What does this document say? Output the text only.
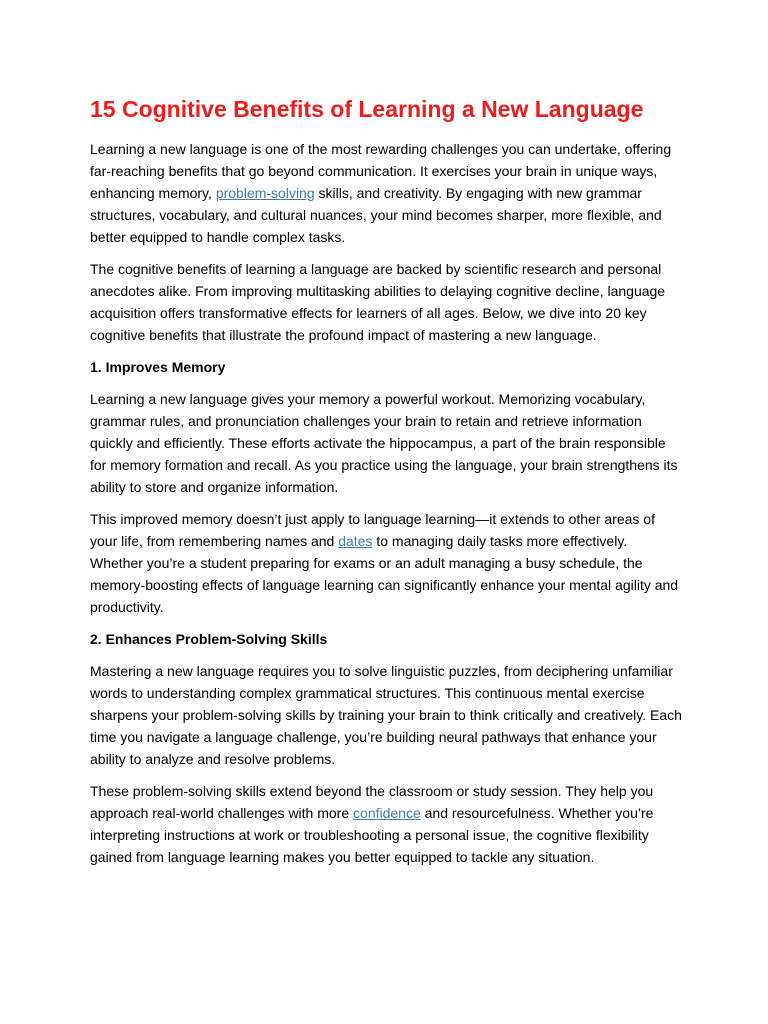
15 Cognitive Benefits of Learning a New Language

Learning a new language is one of the most rewarding challenges you can undertake, offering far-reaching benefits that go beyond communication. It exercises your brain in unique ways, enhancing memory, problem-solving skills, and creativity. By engaging with new grammar structures, vocabulary, and cultural nuances, your mind becomes sharper, more flexible, and better equipped to handle complex tasks.

The cognitive benefits of learning a language are backed by scientific research and personal anecdotes alike. From improving multitasking abilities to delaying cognitive decline, language acquisition offers transformative effects for learners of all ages. Below, we dive into 20 key cognitive benefits that illustrate the profound impact of mastering a new language.

1. Improves Memory

Learning a new language gives your memory a powerful workout. Memorizing vocabulary, grammar rules, and pronunciation challenges your brain to retain and retrieve information quickly and efficiently. These efforts activate the hippocampus, a part of the brain responsible for memory formation and recall. As you practice using the language, your brain strengthens its ability to store and organize information.

This improved memory doesn’t just apply to language learning—it extends to other areas of your life, from remembering names and dates to managing daily tasks more effectively. Whether you’re a student preparing for exams or an adult managing a busy schedule, the memory-boosting effects of language learning can significantly enhance your mental agility and productivity.

2. Enhances Problem-Solving Skills

Mastering a new language requires you to solve linguistic puzzles, from deciphering unfamiliar words to understanding complex grammatical structures. This continuous mental exercise sharpens your problem-solving skills by training your brain to think critically and creatively. Each time you navigate a language challenge, you’re building neural pathways that enhance your ability to analyze and resolve problems.

These problem-solving skills extend beyond the classroom or study session. They help you approach real-world challenges with more confidence and resourcefulness. Whether you’re interpreting instructions at work or troubleshooting a personal issue, the cognitive flexibility gained from language learning makes you better equipped to tackle any situation.
